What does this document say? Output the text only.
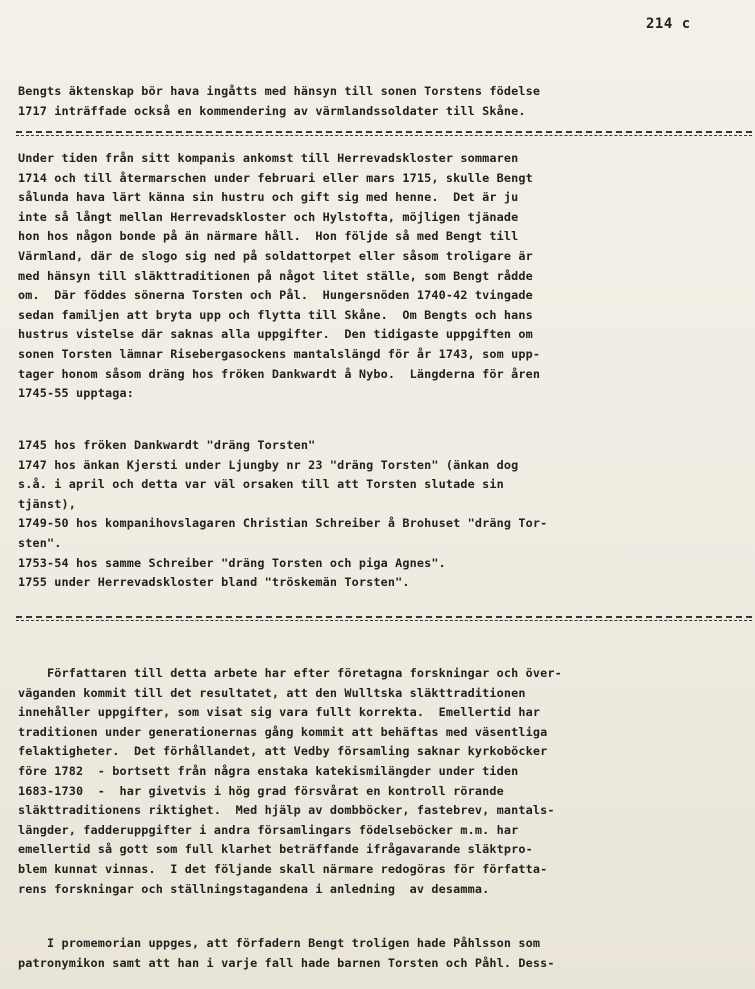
214 c
Bengts äktenskap bör hava ingåtts med hänsyn till sonen Torstens födelse
1717 inträffade också en kommendering av värmlandssoldater till Skåne.
Under tiden från sitt kompanis ankomst till Herrevadskloster sommaren
1714 och till återmarschen under februari eller mars 1715, skulle Bengt
sålunda hava lärt känna sin hustru och gift sig med henne.  Det är ju
inte så långt mellan Herrevadskloster och Hylstofta, möjligen tjänade
hon hos någon bonde på än närmare håll.  Hon följde så med Bengt till
Värmland, där de slogo sig ned på soldattorpet eller såsom troligare är
med hänsyn till släkttraditionen på något litet ställe, som Bengt rådde
om.  Där föddes sönerna Torsten och Pål.  Hungersnöden 1740-42 tvingade
sedan familjen att bryta upp och flytta till Skåne.  Om Bengts och hans
hustrus vistelse där saknas alla uppgifter.  Den tidigaste uppgiften om
sonen Torsten lämnar Risebergasockens mantalslängd för år 1743, som upp-
tager honom såsom dräng hos fröken Dankwardt å Nybo.  Längderna för åren
1745-55 upptaga:
1745 hos fröken Dankwardt "dräng Torsten"
1747 hos änkan Kjersti under Ljungby nr 23 "dräng Torsten" (änkan dog
s.å. i april och detta var väl orsaken till att Torsten slutade sin
tjänst),
1749-50 hos kompanihovslagaren Christian Schreiber å Brohuset "dräng Tor-
sten".
1753-54 hos samme Schreiber "dräng Torsten och piga Agnes".
1755 under Herrevadskloster bland "tröskemän Torsten".
Författaren till detta arbete har efter företagna forskningar och över-
väganden kommit till det resultatet, att den Wulltska släkttraditionen
innehåller uppgifter, som visat sig vara fullt korrekta.  Emellertid har
traditionen under generationernas gång kommit att behäftas med väsentliga
felaktigheter.  Det förhållandet, att Vedby församling saknar kyrkoböcker
före 1782  - bortsett från några enstaka katekismilängder under tiden
1683-1730  -  har givetvis i hög grad försvårat en kontroll rörande
släkttraditionens riktighet.  Med hjälp av dombböcker, fastebrev, mantals-
längder, fadderuppgifter i andra församlingars födelseböcker m.m. har
emellertid så gott som full klarhet beträffande ifrågavarande släktpro-
blem kunnat vinnas.  I det följande skall närmare redogöras för författa-
rens forskningar och ställningstagandena i anledning  av desamma.
I promemorian uppges, att förfadern Bengt troligen hade Påhlsson som
patronymikon samt att han i varje fall hade barnen Torsten och Påhl. Dess-
